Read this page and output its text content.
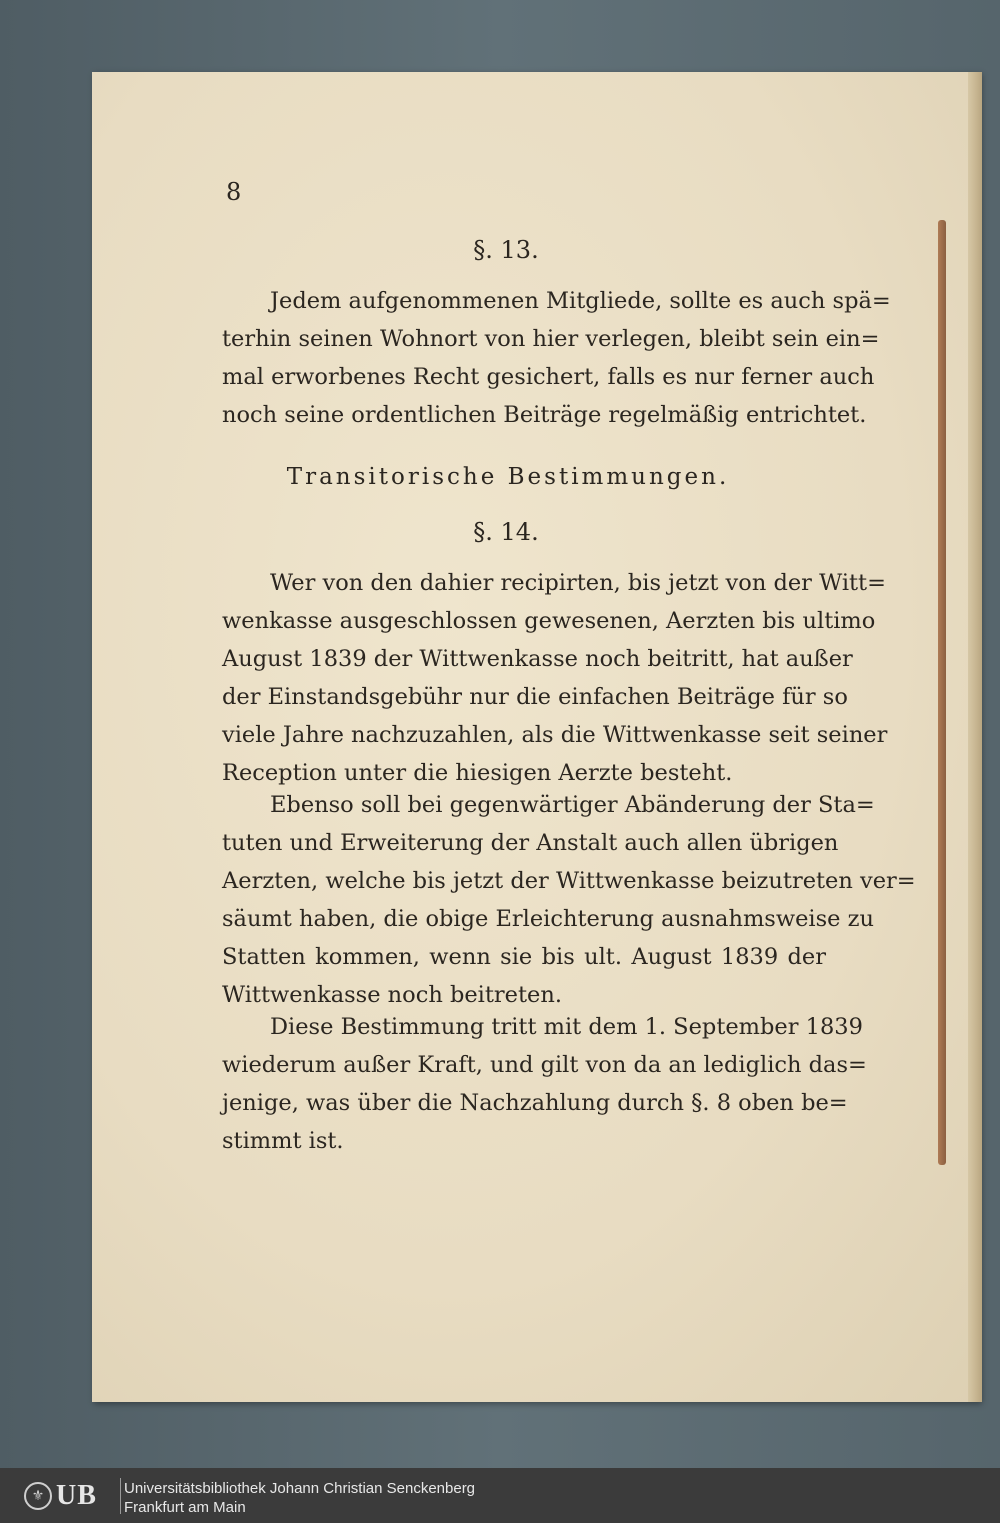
8
§. 13.
Jedem aufgenommenen Mitgliede, sollte es auch spä=
terhin seinen Wohnort von hier verlegen, bleibt sein ein=
mal erworbenes Recht gesichert, falls es nur ferner auch
noch seine ordentlichen Beiträge regelmäßig entrichtet.
Transitorische Bestimmungen.
§. 14.
Wer von den dahier recipirten, bis jetzt von der Witt=
wenkasse ausgeschlossen gewesenen, Aerzten bis ultimo
August 1839 der Wittwenkasse noch beitritt, hat außer
der Einstandsgebühr nur die einfachen Beiträge für so
viele Jahre nachzuzahlen, als die Wittwenkasse seit seiner
Reception unter die hiesigen Aerzte besteht.
Ebenso soll bei gegenwärtiger Abänderung der Sta=
tuten und Erweiterung der Anstalt auch allen übrigen
Aerzten, welche bis jetzt der Wittwenkasse beizutreten ver=
säumt haben, die obige Erleichterung ausnahmsweise zu
Statten kommen, wenn sie bis ult. August 1839 der
Wittwenkasse noch beitreten.
Diese Bestimmung tritt mit dem 1. September 1839
wiederum außer Kraft, und gilt von da an lediglich das=
jenige, was über die Nachzahlung durch §. 8 oben be=
stimmt ist.
⚜ UB Universitätsbibliothek Johann Christian Senckenberg
Frankfurt am Main
